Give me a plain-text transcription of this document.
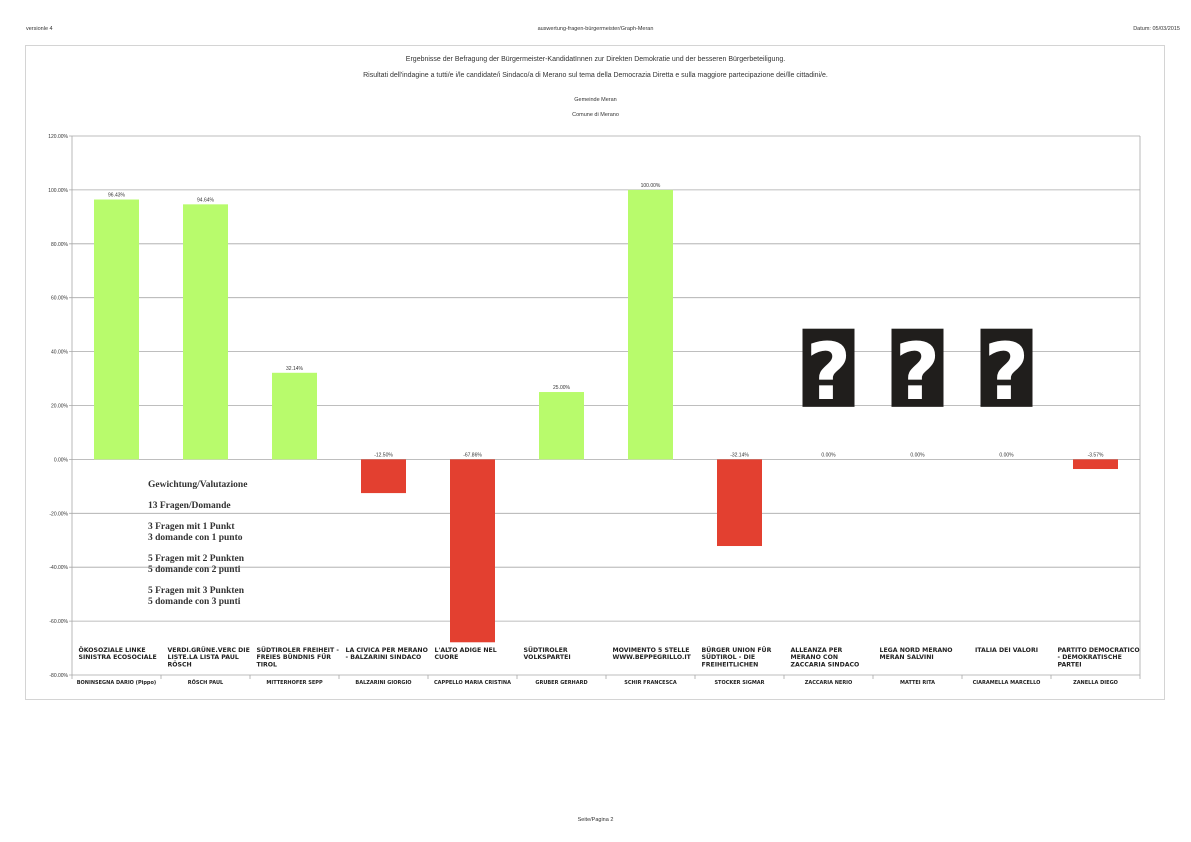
versionle 4	auswertung-fragen-bürgermeister/Graph-Meran	Datum: 05/03/2015
Ergebnisse der Befragung der Bürgermeister-KandidatInnen zur Direkten Demokratie und der besseren Bürgerbeteiligung.
Risultati dell'indagine a tutti/e i/le candidate/i Sindaco/a di Merano sul tema della Democrazia Diretta e sulla maggiore partecipazione dei/lle cittadini/e.
Gemeinde Meran
Comune di Merano
120.00%
100.00%
80.00%
60.00%
40.00%
20.00%
0.00%
-20.00%
-40.00%
-60.00%
-80.00%
96.43%
94.64%
32.14%
-12.50%	-67.86%
25.00%
100.00%
-32.14%	0.00%	0.00%	0.00%	-3.57%
? ? ?
ÖKOSOZIALE LINKE
SINISTRA ECOSOCIALE
VERDI.GRÜNE.VERC DIE
LISTE.LA LISTA PAUL
RÖSCH
SÜDTIROLER FREIHEIT -
FREIES BÜNDNIS FÜR
TIROL
LA CIVICA PER MERANO
- BALZARINI SINDACO
L'ALTO ADIGE NEL
CUORE
SÜDTIROLER
VOLKSPARTEI
MOVIMENTO 5 STELLE
WWW.BEPPEGRILLO.IT
BÜRGER UNION FÜR
SÜDTIROL - DIE
FREIHEITLICHEN
ALLEANZA PER
MERANO CON
ZACCARIA SINDACO
LEGA NORD MERANO
MERAN SALVINI
ITALIA DEI VALORI	PARTITO DEMOCRATICO
- DEMOKRATISCHE
PARTEI
BONINSEGNA DARIO (Pippo)	RÖSCH PAUL	MITTERHOFER SEPP	BALZARINI GIORGIO	CAPPELLO MARIA CRISTINA	GRUBER GERHARD	SCHIR FRANCESCA	STOCKER SIGMAR	ZACCARIA NERIO	MATTEI RITA	CIARAMELLA MARCELLO	ZANELLA DIEGO
Gewichtung/Valutazione
13 Fragen/Domande
3 Fragen mit 1 Punkt
3 domande con 1 punto
5 Fragen mit 2 Punkten
5 domande con 2 punti
5 Fragen mit 3 Punkten
5 domande con 3 punti
Seite/Pagina 2
